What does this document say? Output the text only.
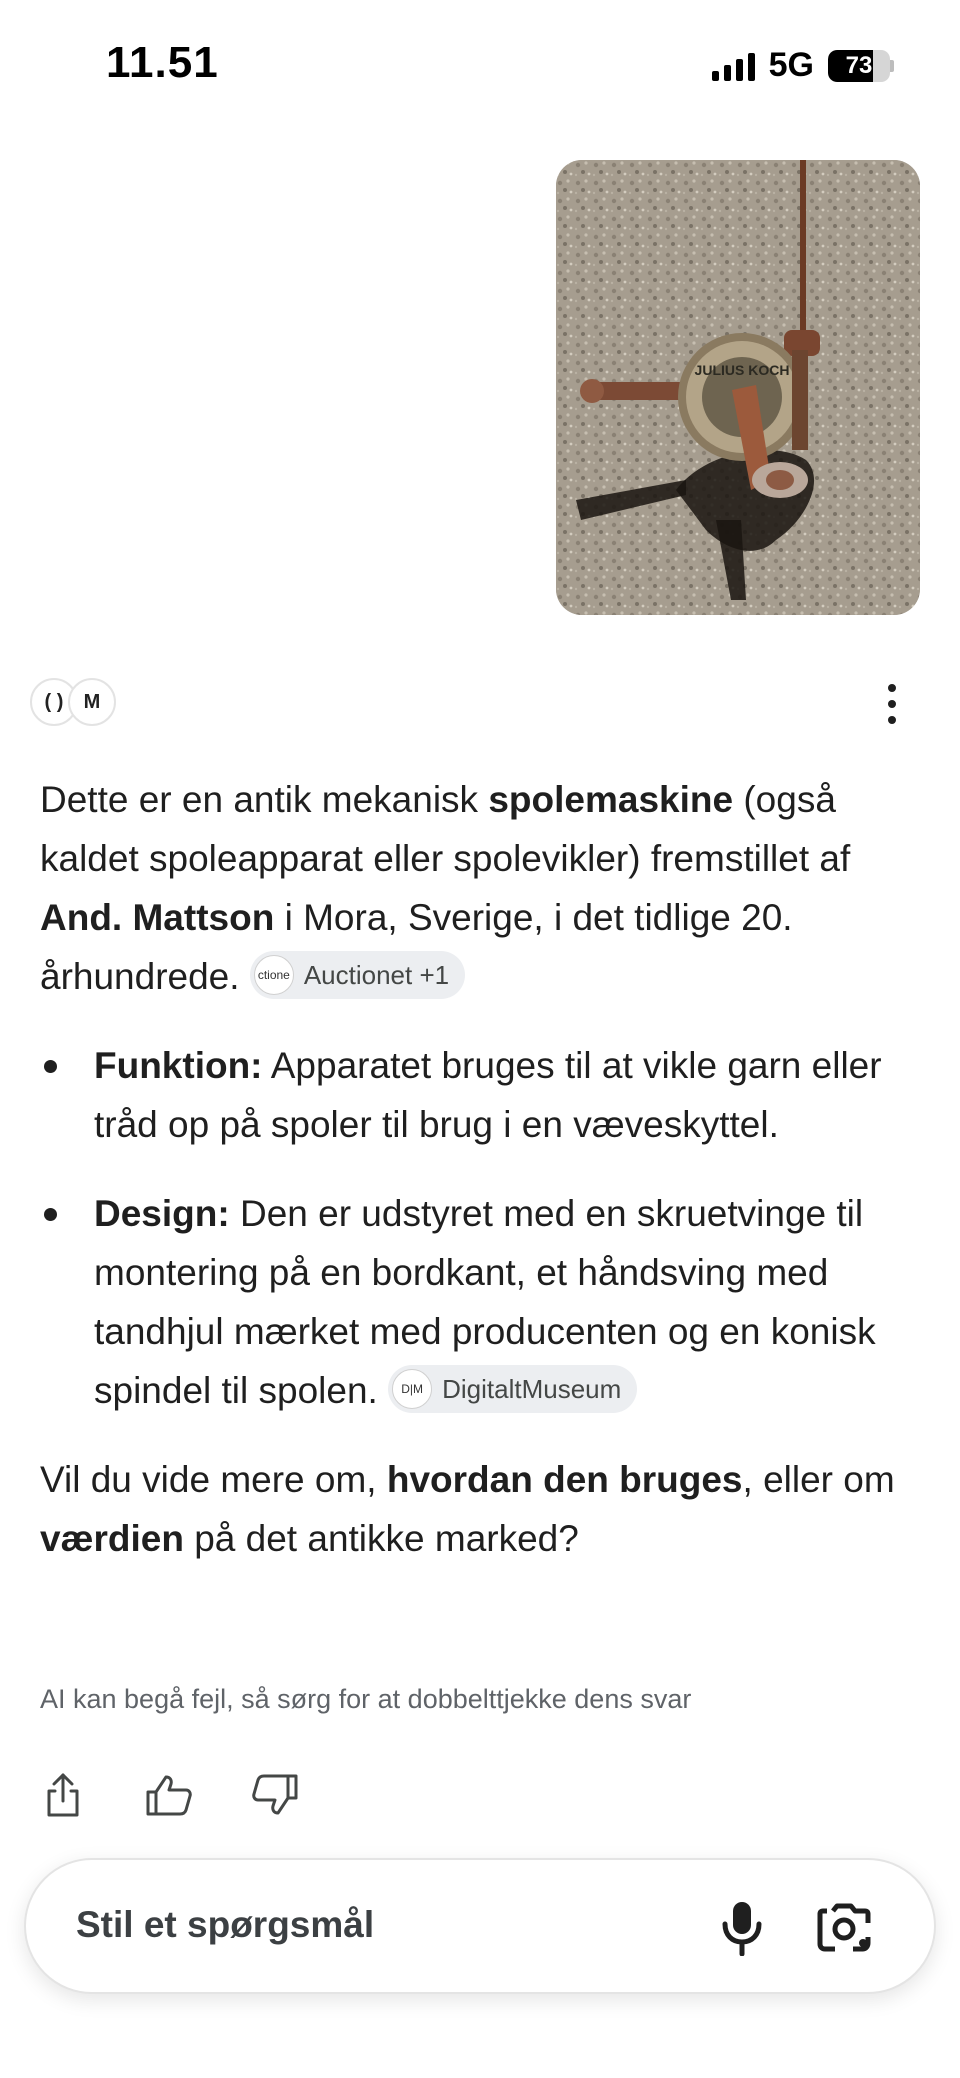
11.51	5G	73
JULIUS KOCH
( )	M

Dette er en antik mekanisk spolemaskine (også kaldet spoleapparat eller spolevikler) fremstillet af And. Mattson i Mora, Sverige, i det tidlige 20. århundrede.	ctione Auctionet +1

Funktion: Apparatet bruges til at vikle garn eller tråd op på spoler til brug i en væveskyttel.
Design: Den er udstyret med en skruetvinge til montering på en bordkant, et håndsving med tandhjul mærket med producenten og en konisk spindel til spolen.	D|M DigitaltMuseum

Vil du vide mere om, hvordan den bruges, eller om værdien på det antikke marked?

AI kan begå fejl, så sørg for at dobbelttjekke dens svar
Stil et spørgsmål
